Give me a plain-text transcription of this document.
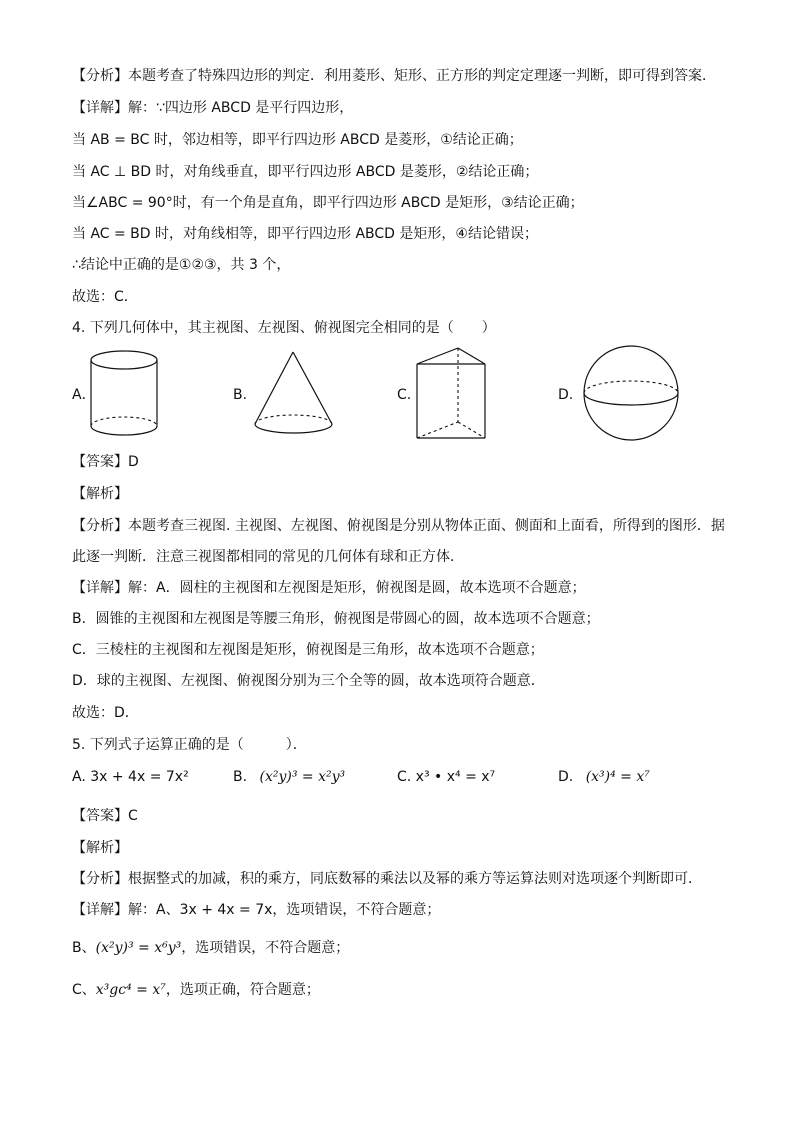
【分析】本题考查了特殊四边形的判定．利用菱形、矩形、正方形的判定定理逐一判断，即可得到答案．
【详解】解：∵四边形 ABCD 是平行四边形，
当 AB = BC 时，邻边相等，即平行四边形 ABCD 是菱形，①结论正确；
当 AC ⊥ BD 时，对角线垂直，即平行四边形 ABCD 是菱形，②结论正确；
当∠ABC = 90°时，有一个角是直角，即平行四边形 ABCD 是矩形，③结论正确；
当 AC = BD 时，对角线相等，即平行四边形 ABCD 是矩形，④结论错误；
∴结论中正确的是①②③，共 3 个，
故选：C．
4. 下列几何体中，其主视图、左视图、俯视图完全相同的是（　　）
A．	B.	C.	D.
【答案】D
【解析】
【分析】本题考查三视图. 主视图、左视图、俯视图是分别从物体正面、侧面和上面看，所得到的图形．据
此逐一判断．注意三视图都相同的常见的几何体有球和正方体．
【详解】解：A．圆柱的主视图和左视图是矩形，俯视图是圆，故本选项不合题意；
B．圆锥的主视图和左视图是等腰三角形，俯视图是带圆心的圆，故本选项不合题意；
C．三棱柱的主视图和左视图是矩形，俯视图是三角形，故本选项不合题意；
D．球的主视图、左视图、俯视图分别为三个全等的圆，故本选项符合题意．
故选：D．
5. 下列式子运算正确的是（　　　）．
A. 3x + 4x = 7x²	B. (x²y)³ = x²y³	C. x³ • x⁴ = x⁷	D. (x³)⁴ = x⁷
【答案】C
【解析】
【分析】根据整式的加减，积的乘方，同底数幂的乘法以及幂的乘方等运算法则对选项逐个判断即可．
【详解】解：A、3x + 4x = 7x，选项错误，不符合题意；
B、(x²y)³ = x⁶y³，选项错误，不符合题意；
C、x³gc⁴ = x⁷，选项正确，符合题意；
